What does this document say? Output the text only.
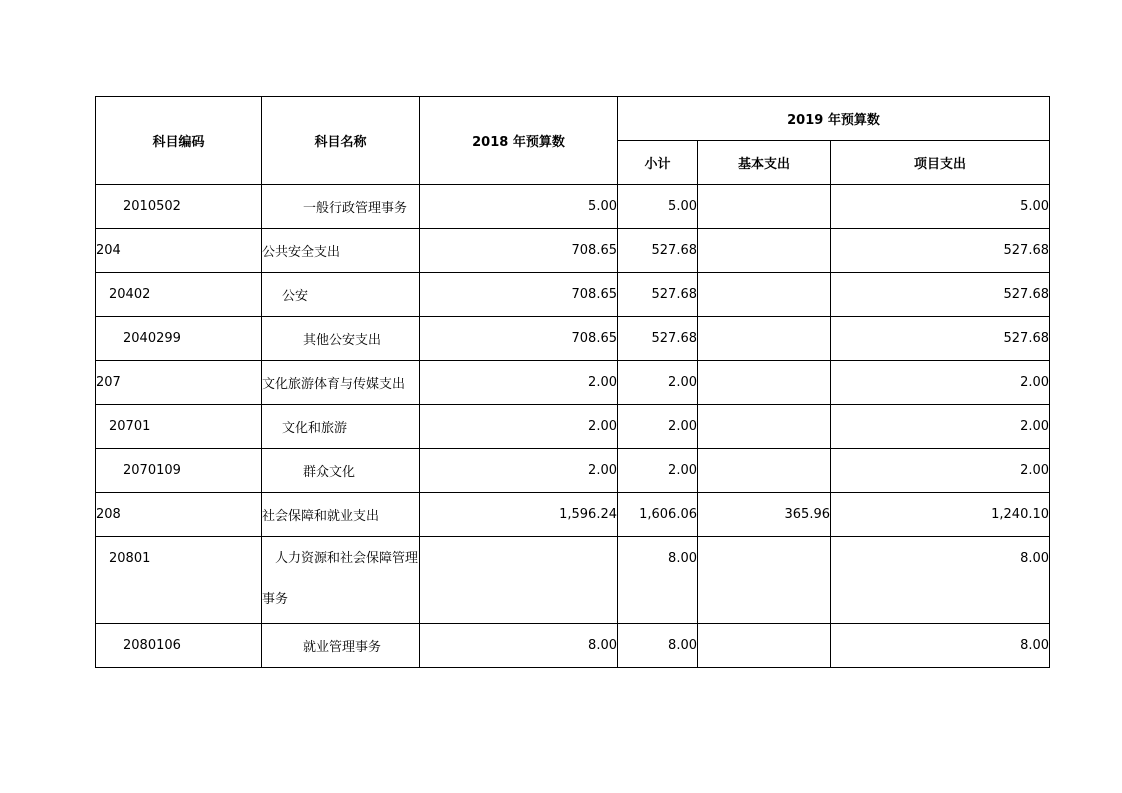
科目编码	科目名称	2018 年预算数	2019 年预算数		
			小计	基本支出	项目支出
2010502	一般行政管理事务	5.00	5.00		5.00
204	公共安全支出	708.65	527.68		527.68
20402	公安	708.65	527.68		527.68
2040299	其他公安支出	708.65	527.68		527.68
207	文化旅游体育与传媒支出	2.00	2.00		2.00
20701	文化和旅游	2.00	2.00		2.00
2070109	群众文化	2.00	2.00		2.00
208	社会保障和就业支出	1,596.24	1,606.06	365.96	1,240.10

20801	人力资源和社会保障管理事务		8.00		8.00

2080106	就业管理事务	8.00	8.00		8.00
